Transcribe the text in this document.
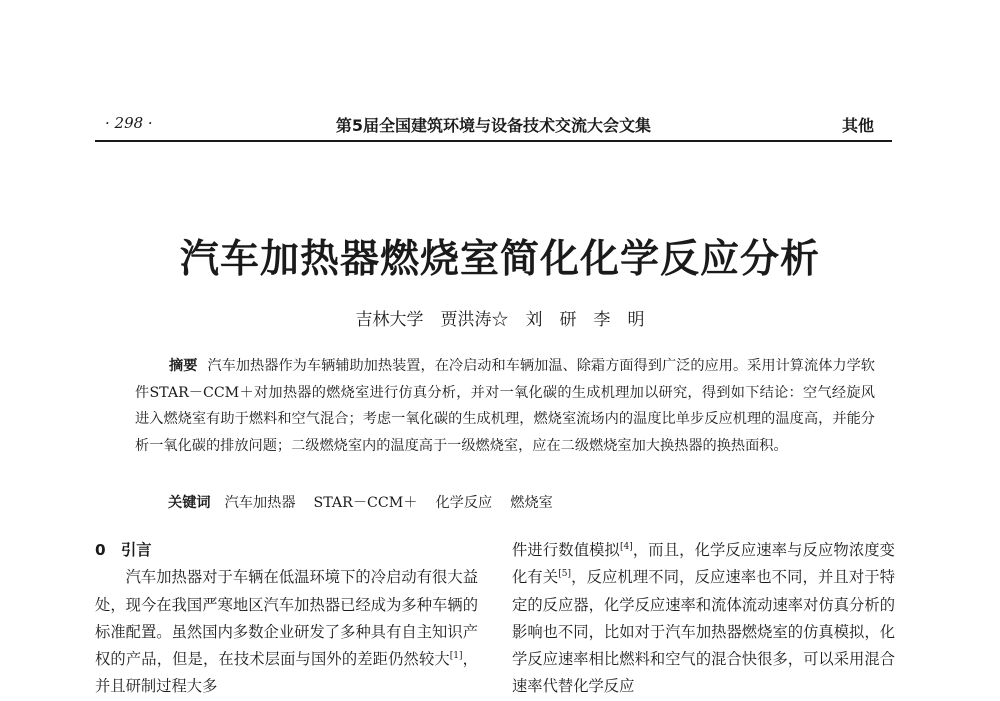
· 298 ·	第5届全国建筑环境与设备技术交流大会文集	其他
汽车加热器燃烧室简化化学反应分析
吉林大学　贾洪涛☆　刘　研　李　明
摘要 汽车加热器作为车辆辅助加热装置，在冷启动和车辆加温、除霜方面得到广泛的应用。采用计算流体力学软件STAR－CCM＋对加热器的燃烧室进行仿真分析，并对一氧化碳的生成机理加以研究，得到如下结论：空气经旋风进入燃烧室有助于燃料和空气混合；考虑一氧化碳的生成机理，燃烧室流场内的温度比单步反应机理的温度高，并能分析一氧化碳的排放问题；二级燃烧室内的温度高于一级燃烧室，应在二级燃烧室加大换热器的换热面积。
关键词 汽车加热器 STAR－CCM＋ 化学反应 燃烧室
0　引言

汽车加热器对于车辆在低温环境下的冷启动有很大益处，现今在我国严寒地区汽车加热器已经成为多种车辆的标准配置。虽然国内多数企业研发了多种具有自主知识产权的产品，但是，在技术层面与国外的差距仍然较大[1]，并且研制过程大多

件进行数值模拟[4]，而且，化学反应速率与反应物浓度变化有关[5]，反应机理不同，反应速率也不同，并且对于特定的反应器，化学反应速率和流体流动速率对仿真分析的影响也不同，比如对于汽车加热器燃烧室的仿真模拟，化学反应速率相比燃料和空气的混合快很多，可以采用混合速率代替化学反应
